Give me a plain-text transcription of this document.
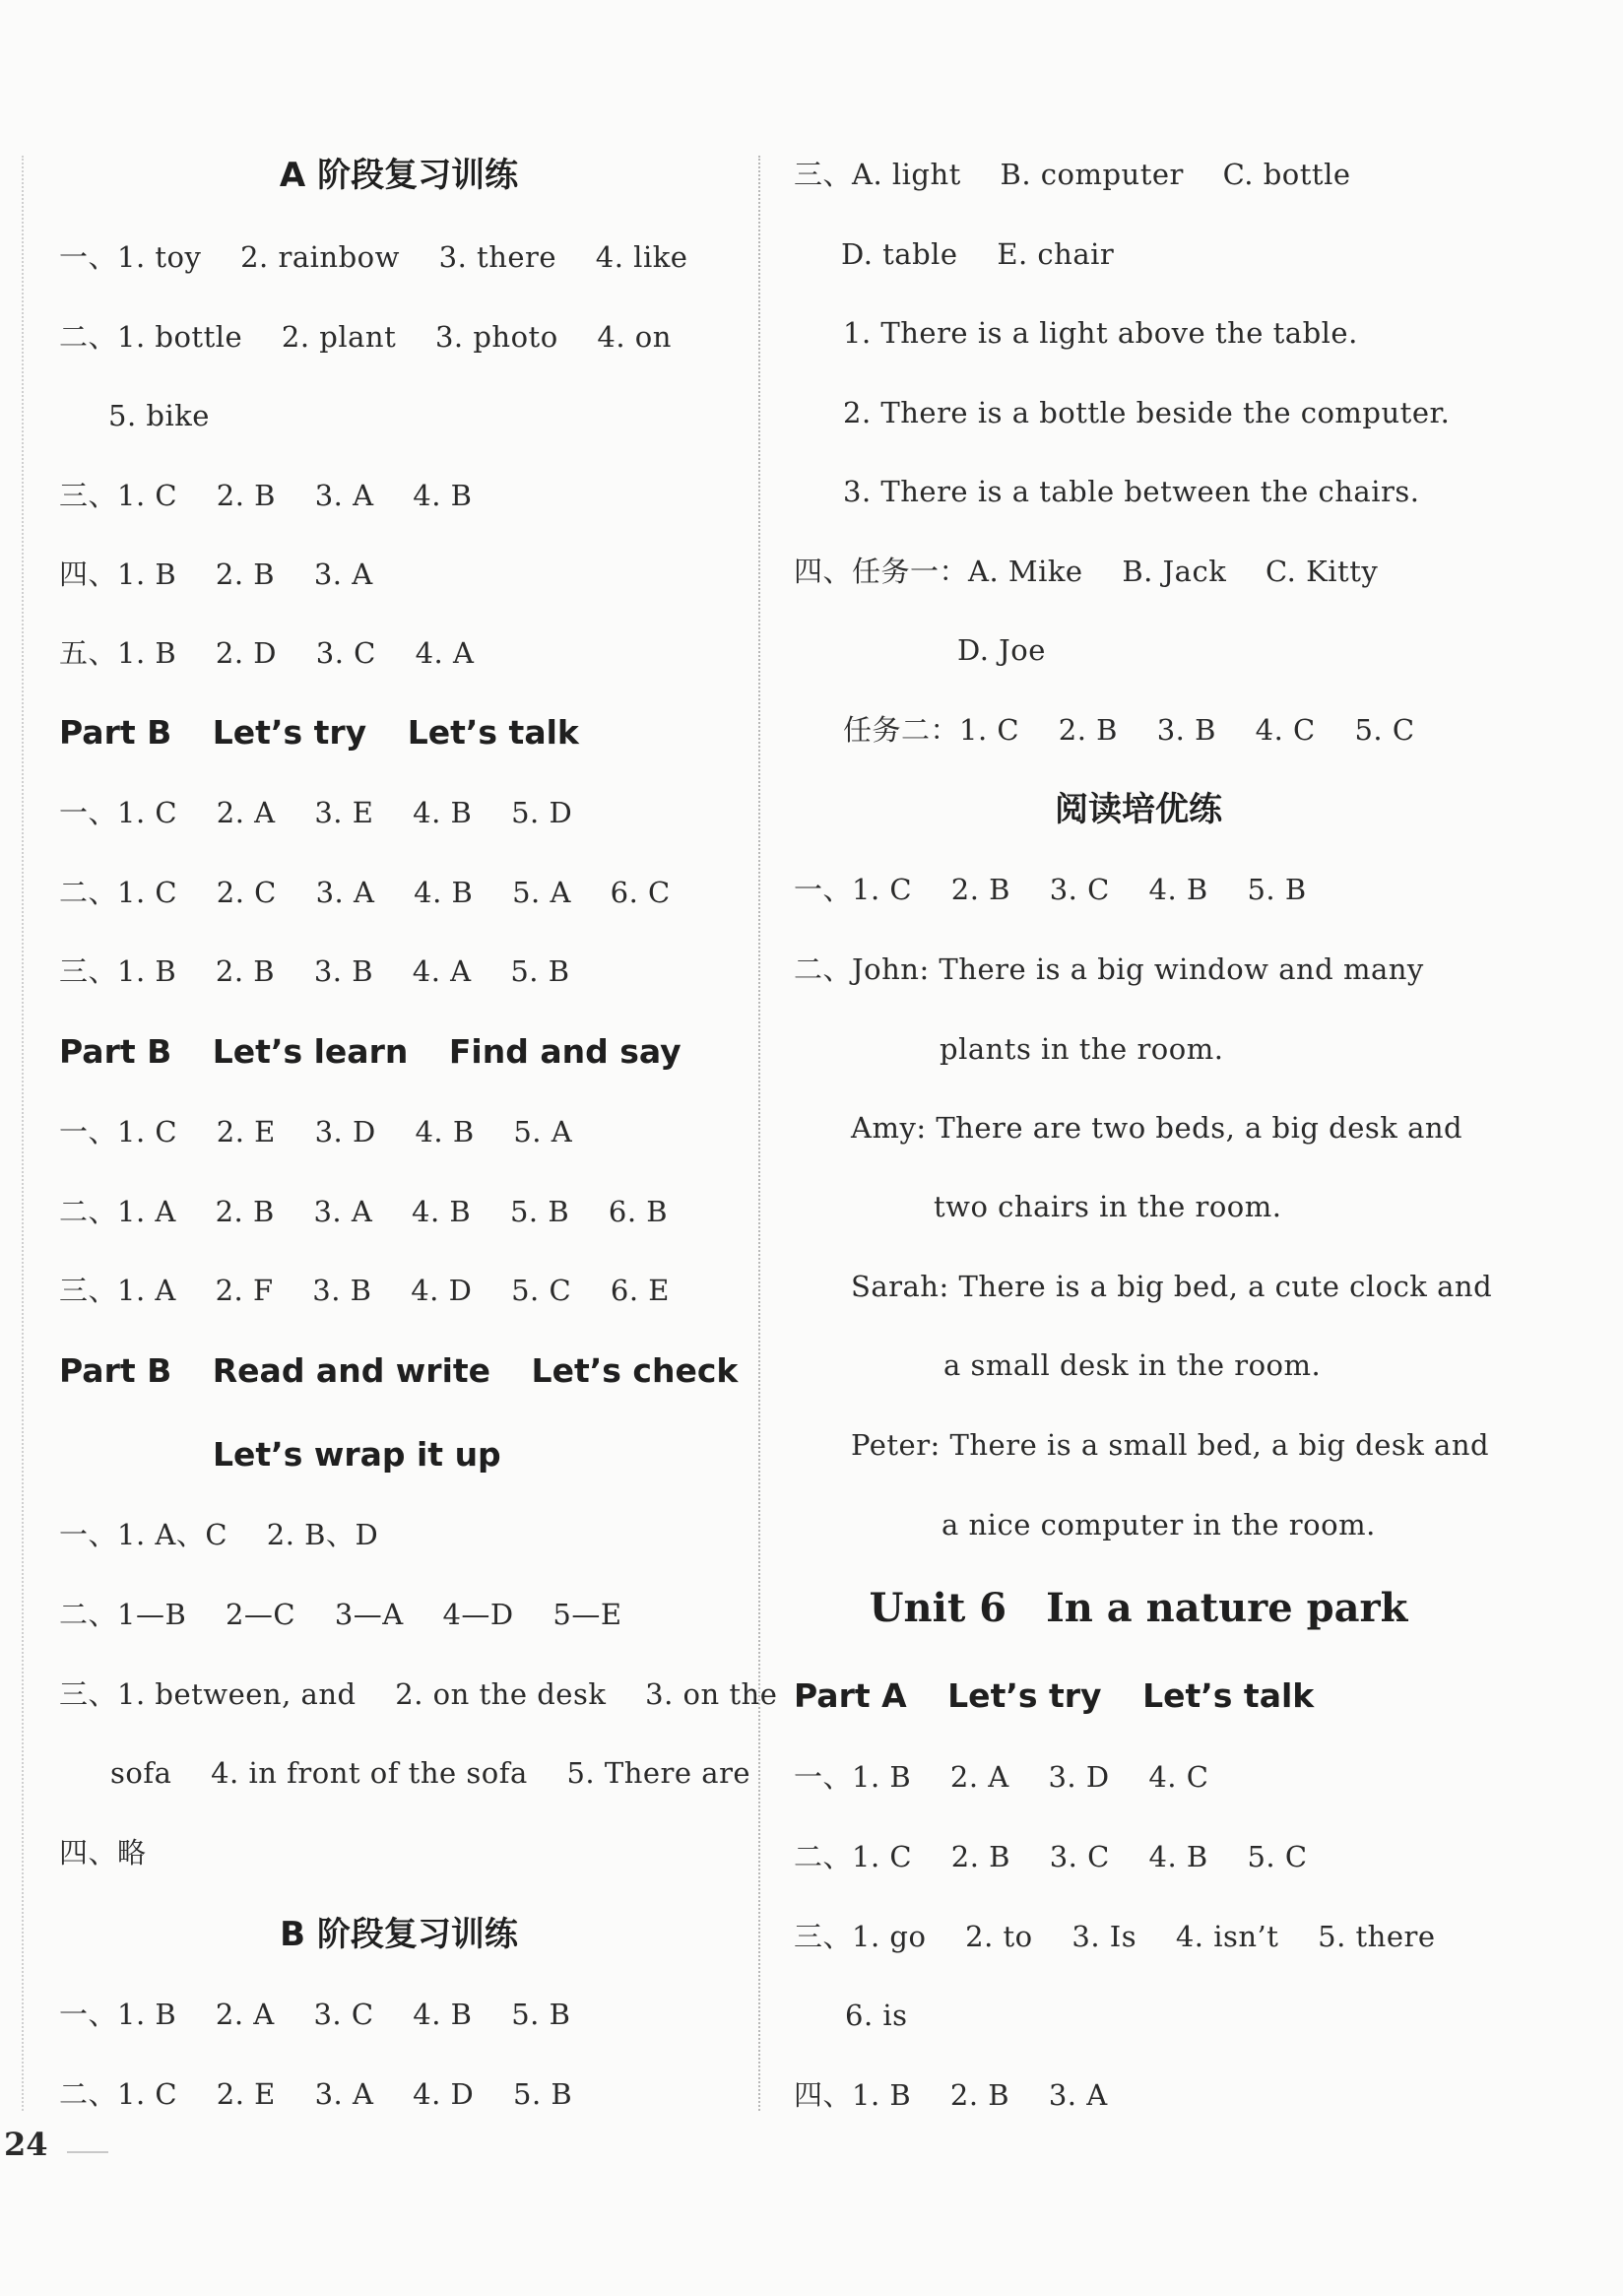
A 阶段复习训练
一、1. toy 2. rainbow 3. there 4. like
二、1. bottle 2. plant 3. photo 4. on
5. bike
三、1. C 2. B 3. A 4. B
四、1. B 2. B 3. A
五、1. B 2. D 3. C 4. A
Part B Let’s try Let’s talk
一、1. C 2. A 3. E 4. B 5. D
二、1. C 2. C 3. A 4. B 5. A 6. C
三、1. B 2. B 3. B 4. A 5. B
Part B Let’s learn Find and say
一、1. C 2. E 3. D 4. B 5. A
二、1. A 2. B 3. A 4. B 5. B 6. B
三、1. A 2. F 3. B 4. D 5. C 6. E
Part B Read and write Let’s check
Let’s wrap it up
一、1. A、C 2. B、D
二、1—B 2—C 3—A 4—D 5—E
三、1. between, and 2. on the desk 3. on the
sofa 4. in front of the sofa 5. There are
四、略
B 阶段复习训练
一、1. B 2. A 3. C 4. B 5. B
二、1. C 2. E 3. A 4. D 5. B
三、A. light B. computer C. bottle
D. table E. chair
1. There is a light above the table.
2. There is a bottle beside the computer.
3. There is a table between the chairs.
四、任务一：A. Mike B. Jack C. Kitty
D. Joe
任务二：1. C 2. B 3. B 4. C 5. C
阅读培优练
一、1. C 2. B 3. C 4. B 5. B
二、John: There is a big window and many
plants in the room.
Amy: There are two beds, a big desk and
two chairs in the room.
Sarah: There is a big bed, a cute clock and
a small desk in the room.
Peter: There is a small bed, a big desk and
a nice computer in the room.
Unit 6　In a nature park
Part A Let’s try Let’s talk
一、1. B 2. A 3. D 4. C
二、1. C 2. B 3. C 4. B 5. C
三、1. go 2. to 3. Is 4. isn’t 5. there
6. is
四、1. B 2. B 3. A
24
